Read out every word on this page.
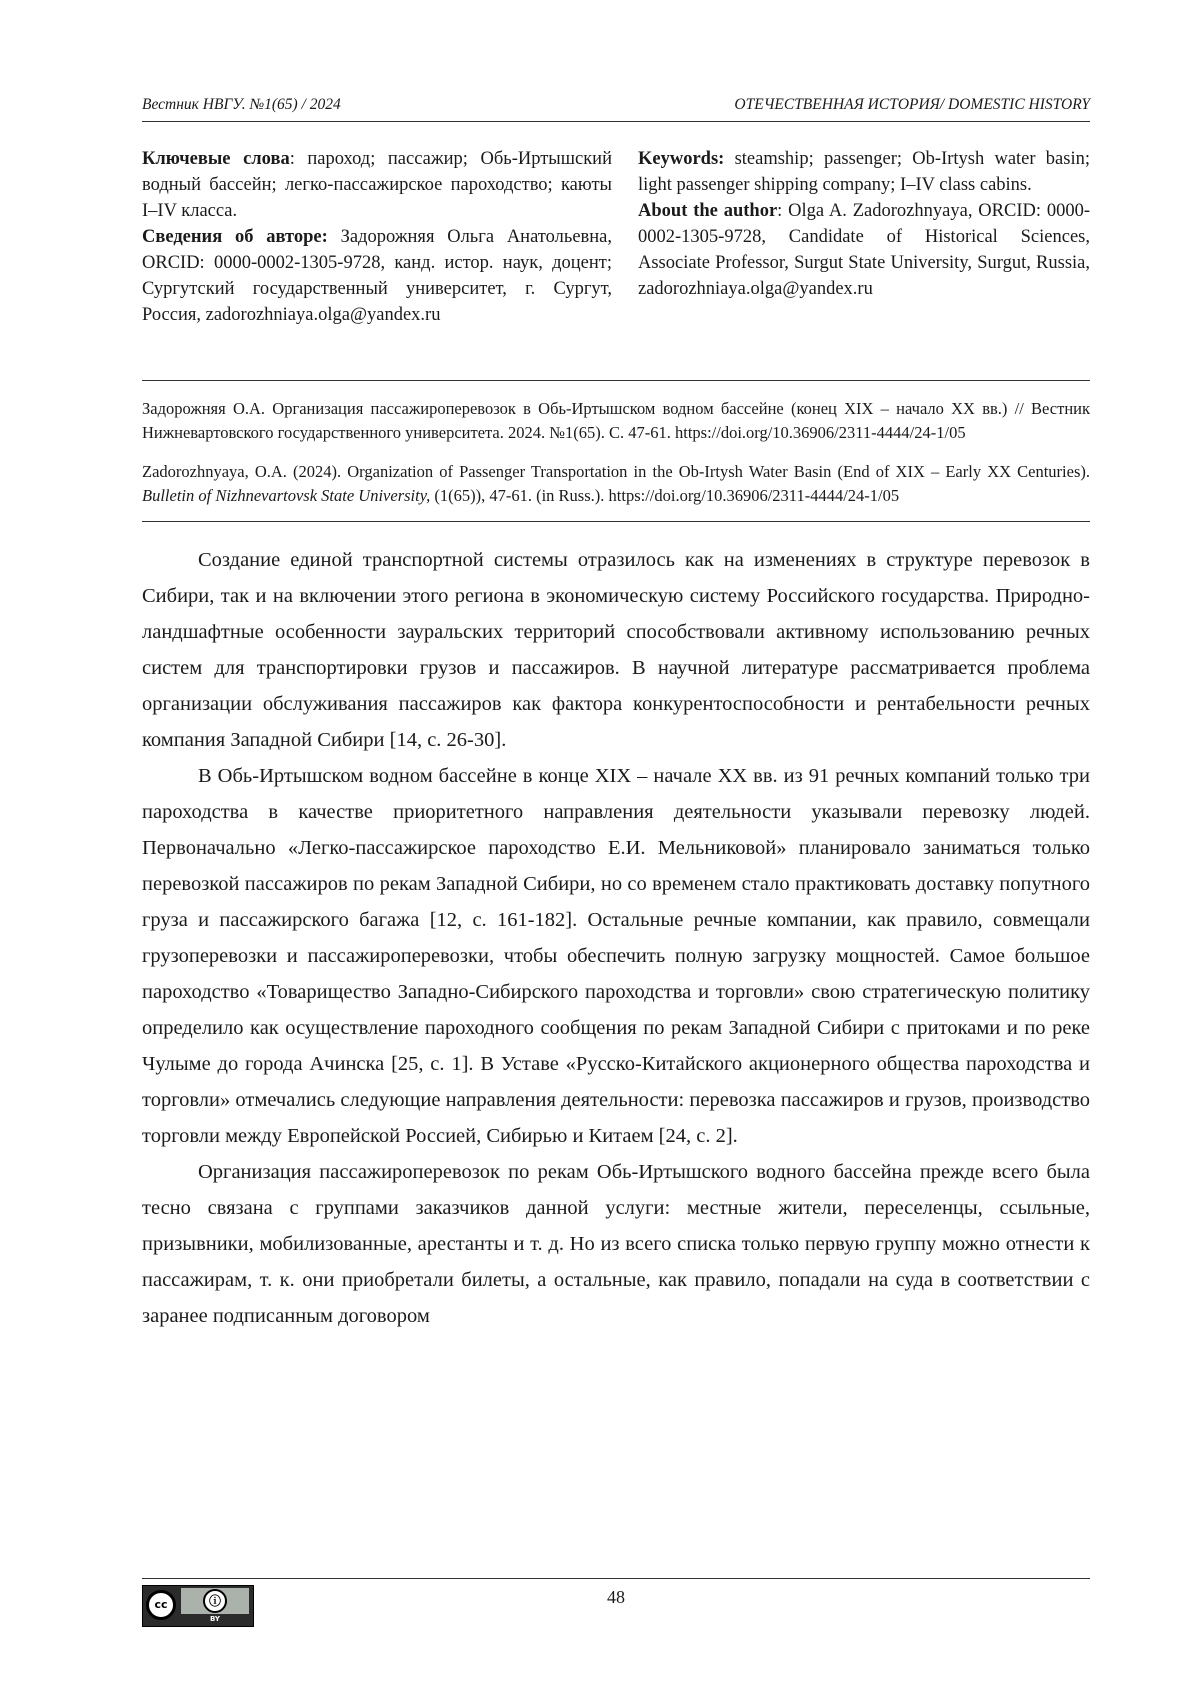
Вестник НВГУ. №1(65) / 2024	ОТЕЧЕСТВЕННАЯ ИСТОРИЯ/ DOMESTIC HISTORY

Ключевые слова: пароход; пассажир; Обь-Иртышский водный бассейн; легко-пассажирское пароходство; каюты I–IV класса.

Сведения об авторе: Задорожняя Ольга Анатольевна, ORCID: 0000-0002-1305-9728, канд. истор. наук, доцент; Сургутский государственный университет, г. Сургут, Россия, zadorozhniaya.olga@yandex.ru

Keywords: steamship; passenger; Ob-Irtysh water basin; light passenger shipping company; I–IV class cabins.

About the author: Olga A. Zadorozhnyaya, ORCID: 0000-0002-1305-9728, Candidate of Historical Sciences, Associate Professor, Surgut State University, Surgut, Russia, zadorozhniaya.olga@yandex.ru

Задорожняя О.А. Организация пассажироперевозок в Обь-Иртышском водном бассейне (конец XIX – начало XX вв.) // Вестник Нижневартовского государственного университета. 2024. №1(65). С. 47-61. https://doi.org/10.36906/2311-4444/24-1/05

Zadorozhnyaya, O.A. (2024). Organization of Passenger Transportation in the Ob-Irtysh Water Basin (End of XIX – Early XX Centuries). Bulletin of Nizhnevartovsk State University, (1(65)), 47-61. (in Russ.). https://doi.org/10.36906/2311-4444/24-1/05

Создание единой транспортной системы отразилось как на изменениях в структуре перевозок в Сибири, так и на включении этого региона в экономическую систему Российского государства. Природно-ландшафтные особенности зауральских территорий способствовали активному использованию речных систем для транспортировки грузов и пассажиров. В научной литературе рассматривается проблема организации обслуживания пассажиров как фактора конкурентоспособности и рентабельности речных компания Западной Сибири [14, с. 26-30].

В Обь-Иртышском водном бассейне в конце XIX – начале XX вв. из 91 речных компаний только три пароходства в качестве приоритетного направления деятельности указывали перевозку людей. Первоначально «Легко-пассажирское пароходство Е.И. Мельниковой» планировало заниматься только перевозкой пассажиров по рекам Западной Сибири, но со временем стало практиковать доставку попутного груза и пассажирского багажа [12, с. 161-182]. Остальные речные компании, как правило, совмещали грузоперевозки и пассажироперевозки, чтобы обеспечить полную загрузку мощностей. Самое большое пароходство «Товарищество Западно-Сибирского пароходства и торговли» свою стратегическую политику определило как осуществление пароходного сообщения по рекам Западной Сибири с притоками и по реке Чулыме до города Ачинска [25, с. 1]. В Уставе «Русско-Китайского акционерного общества пароходства и торговли» отмечались следующие направления деятельности: перевозка пассажиров и грузов, производство торговли между Европейской Россией, Сибирью и Китаем [24, с. 2].

Организация пассажироперевозок по рекам Обь-Иртышского водного бассейна прежде всего была тесно связана с группами заказчиков данной услуги: местные жители, переселенцы, ссыльные, призывники, мобилизованные, арестанты и т. д. Но из всего списка только первую группу можно отнести к пассажирам, т. к. они приобретали билеты, а остальные, как правило, попадали на суда в соответствии с заранее подписанным договором

cc	ⓘ
BY
48
